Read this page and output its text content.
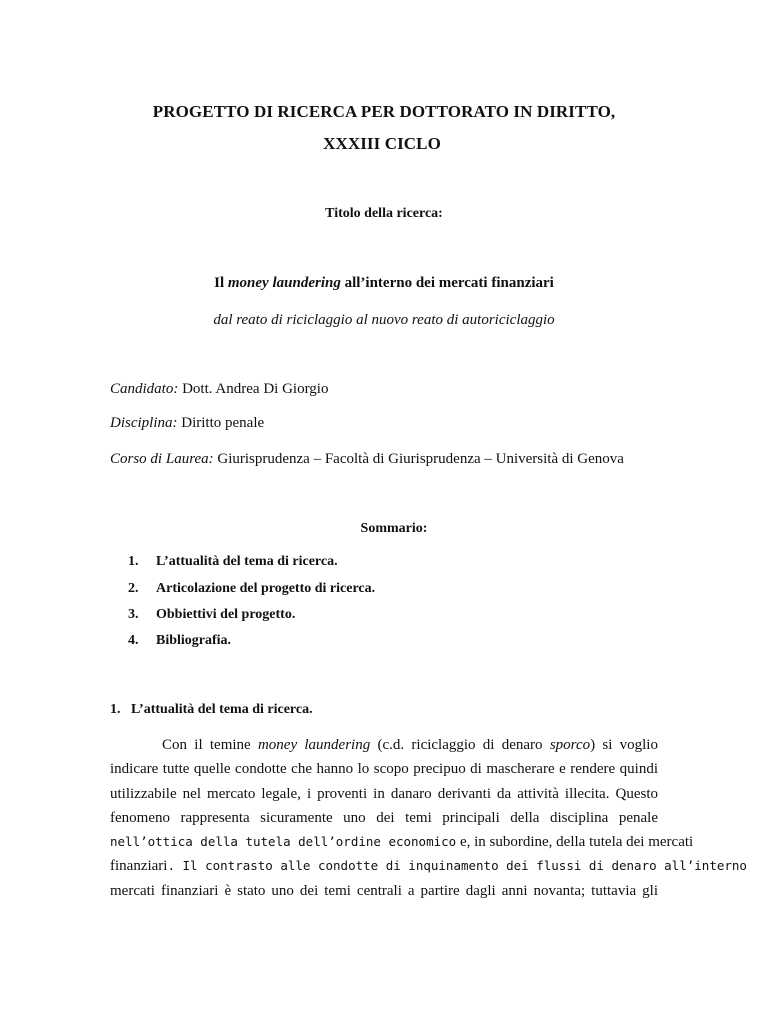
PROGETTO DI RICERCA PER DOTTORATO IN DIRITTO,
XXXIII CICLO
Titolo della ricerca:
Il money laundering all’interno dei mercati finanziari
dal reato di riciclaggio al nuovo reato di autoriciclaggio
Candidato: Dott. Andrea Di Giorgio
Disciplina: Diritto penale
Corso di Laurea: Giurisprudenza – Facoltà di Giurisprudenza – Università di Genova
Sommario:
1. L’attualità del tema di ricerca.
2. Articolazione del progetto di ricerca.
3. Obbiettivi del progetto.
4. Bibliografia.
1.   L’attualità del tema di ricerca.
Con il temine money laundering (c.d. riciclaggio di denaro sporco) si voglio
indicare tutte quelle condotte che hanno lo scopo precipuo di mascherare e rendere quindi
utilizzabile nel mercato legale, i proventi in danaro derivanti da attività illecita. Questo
fenomeno rappresenta sicuramente uno dei temi principali della disciplina penale
nell’ottica della tutela dell’ordine economico e, in subordine, della tutela dei mercati
finanziari. Il contrasto alle condotte di inquinamento dei flussi di denaro all’interno
mercati finanziari è stato uno dei temi centrali a partire dagli anni novanta; tuttavia gli
